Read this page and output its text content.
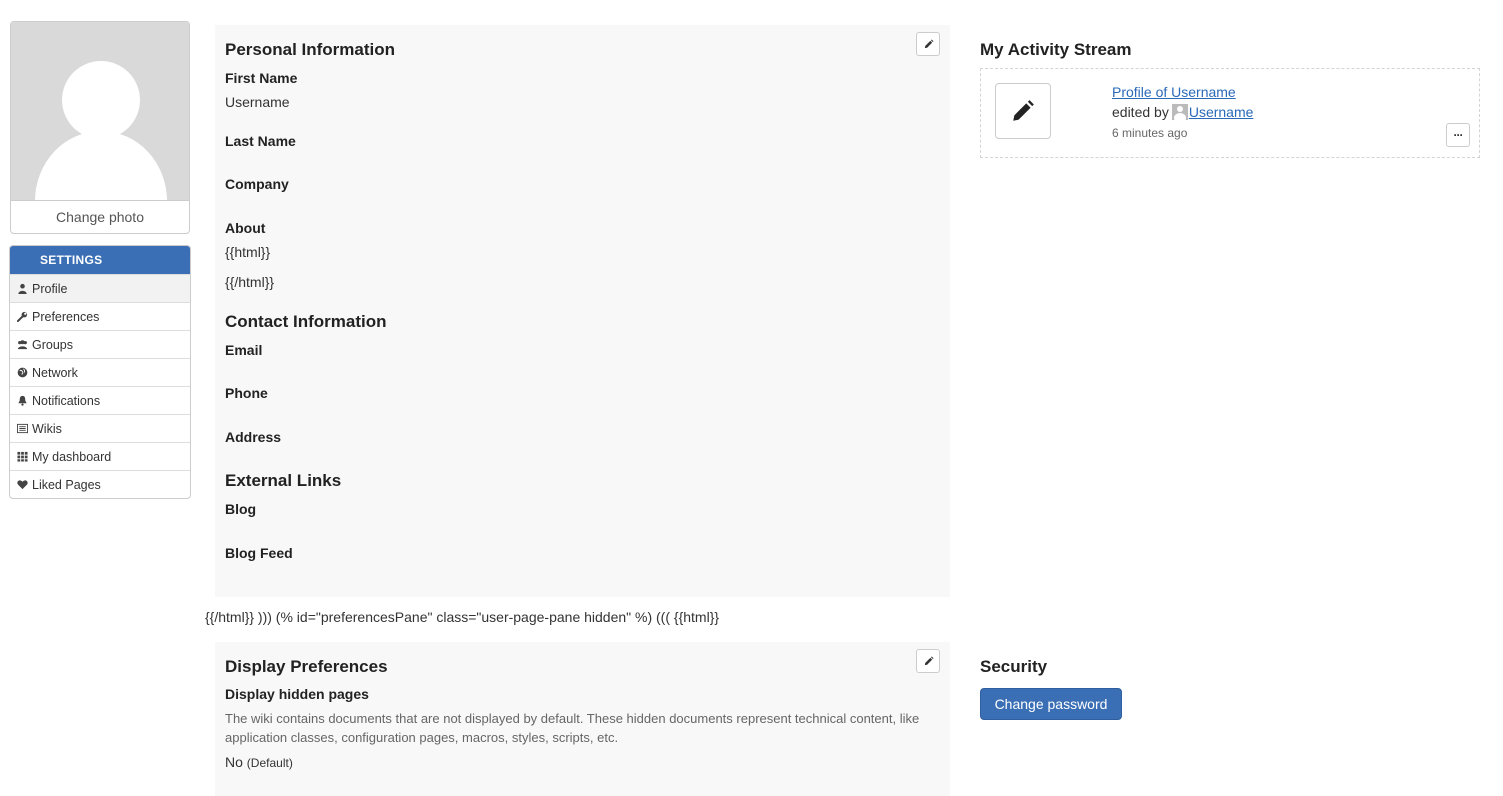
Change photo
SETTINGS
Profile
Preferences
Groups
Network
Notifications
Wikis
My dashboard
Liked Pages
Personal Information
First Name
Username
Last Name
Company
About
{{html}}
{{/html}}
Contact Information
Email
Phone
Address
External Links
Blog
Blog Feed
{{/html}} ))) (% id="preferencesPane" class="user-page-pane hidden" %) ((( {{html}}
Display Preferences
Display hidden pages
The wiki contains documents that are not displayed by default. These hidden documents represent technical content, like application classes, configuration pages, macros, styles, scripts, etc.
No (Default)
My Activity Stream
Profile of Username
edited by Username
6 minutes ago	···
Security
Change password
